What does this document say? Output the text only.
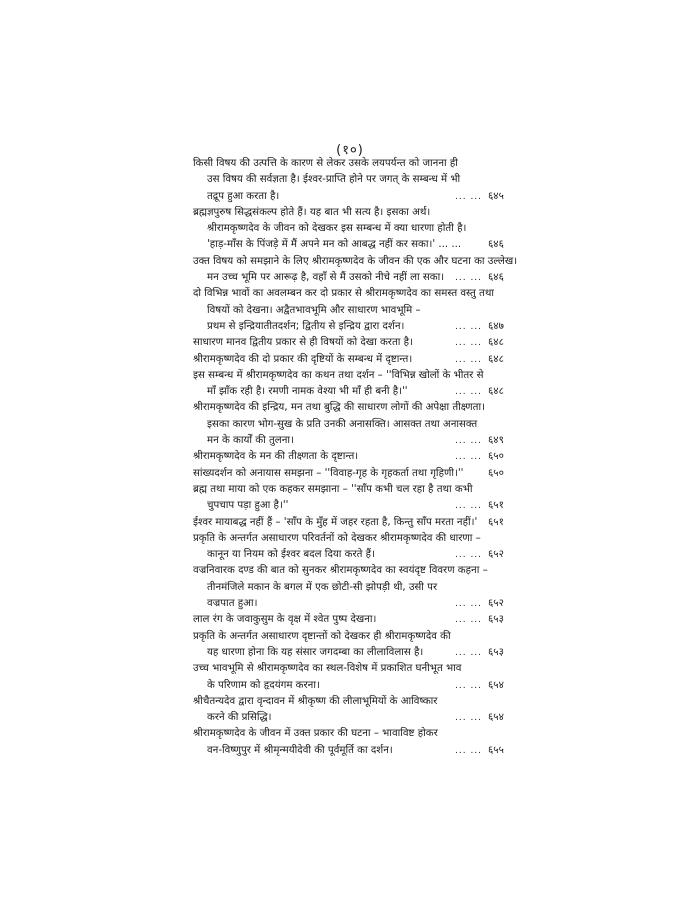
(१०)
किसी विषय की उत्पत्ति के कारण से लेकर उसके लयपर्यन्त को जानना ही
उस विषय की सर्वज्ञता है। ईश्वर-प्राप्ति होने पर जगत् के सम्बन्ध में भी
तद्रूप हुआ करता है।	... ... ६४५
ब्रह्मज्ञपुरुष सिद्धसंकल्प होते हैं। यह बात भी सत्य है। इसका अर्थ।
श्रीरामकृष्णदेव के जीवन को देखकर इस सम्बन्ध में क्या धारणा होती है।
'हाड़-माँस के पिंजड़े में मैं अपने मन को आबद्ध नहीं कर सका।' ... ...	६४६
उक्त विषय को समझाने के लिए श्रीरामकृष्णदेव के जीवन की एक और घटना का उल्लेख।
मन उच्च भूमि पर आरूढ़ है, वहाँ से मैं उसको नीचे नहीं ला सका। ... ... ६४६
दो विभिन्न भावों का अवलम्बन कर दो प्रकार से श्रीरामकृष्णदेव का समस्त वस्तु तथा
विषयों को देखना। अद्वैतभावभूमि और साधारण भावभूमि –
प्रथम से इन्द्रियातीतदर्शन; द्वितीय से इन्द्रिय द्वारा दर्शन।	... ... ६४७
साधारण मानव द्वितीय प्रकार से ही विषयों को देखा करता है।	... ... ६४८
श्रीरामकृष्णदेव की दो प्रकार की दृष्टियों के सम्बन्ध में दृष्टान्त।	... ... ६४८
इस सम्बन्ध में श्रीरामकृष्णदेव का कथन तथा दर्शन – ''विभिन्न खोलों के भीतर से
माँ झाँक रही है। रमणी नामक वेश्या भी माँ ही बनी है।''	... ... ६४८
श्रीरामकृष्णदेव की इन्द्रिय, मन तथा बुद्धि की साधारण लोगों की अपेक्षा तीक्ष्णता।
इसका कारण भोग-सुख के प्रति उनकी अनासक्ति। आसक्त तथा अनासक्त
मन के कार्यों की तुलना।	... ... ६४९
श्रीरामकृष्णदेव के मन की तीक्ष्णता के दृष्टान्त।	... ... ६५०
सांख्यदर्शन को अनायास समझना – ''विवाह-गृह के गृहकर्ता तथा गृहिणी।'' ६५०
ब्रह्म तथा माया को एक कहकर समझाना – ''साँप कभी चल रहा है तथा कभी
चुपचाप पड़ा हुआ है।''	... ... ६५१
ईश्वर मायाबद्ध नहीं हैं – 'साँप के मुँह में जहर रहता है, किन्तु साँप मरता नहीं।' ६५१
प्रकृति के अन्तर्गत असाधारण परिवर्तनों को देखकर श्रीरामकृष्णदेव की धारणा –
कानून या नियम को ईश्वर बदल दिया करते हैं।	... ... ६५२
वज्रनिवारक दण्ड की बात को सुनकर श्रीरामकृष्णदेव का स्वयंदृष्ट विवरण कहना –
तीनमंजिले मकान के बगल में एक छोटी-सी झोपड़ी थी, उसी पर
वज्रपात हुआ।	... ... ६५२
लाल रंग के जवाकुसुम के वृक्ष में श्वेत पुष्प देखना।	... ... ६५३
प्रकृति के अन्तर्गत असाधारण दृष्टान्तों को देखकर ही श्रीरामकृष्णदेव की
यह धारणा होना कि यह संसार जगदम्बा का लीलाविलास है।	... ... ६५३
उच्च भावभूमि से श्रीरामकृष्णदेव का स्थल-विशेष में प्रकाशित घनीभूत भाव
के परिणाम को हृदयंगम करना।	... ... ६५४
श्रीचैतन्यदेव द्वारा वृन्दावन में श्रीकृष्ण की लीलाभूमियों के आविष्कार
करने की प्रसिद्धि।	... ... ६५४
श्रीरामकृष्णदेव के जीवन में उक्त प्रकार की घटना – भावाविष्ट होकर
वन-विष्णुपुर में श्रीमृन्मयीदेवी की पूर्वमूर्ति का दर्शन।	... ... ६५५
